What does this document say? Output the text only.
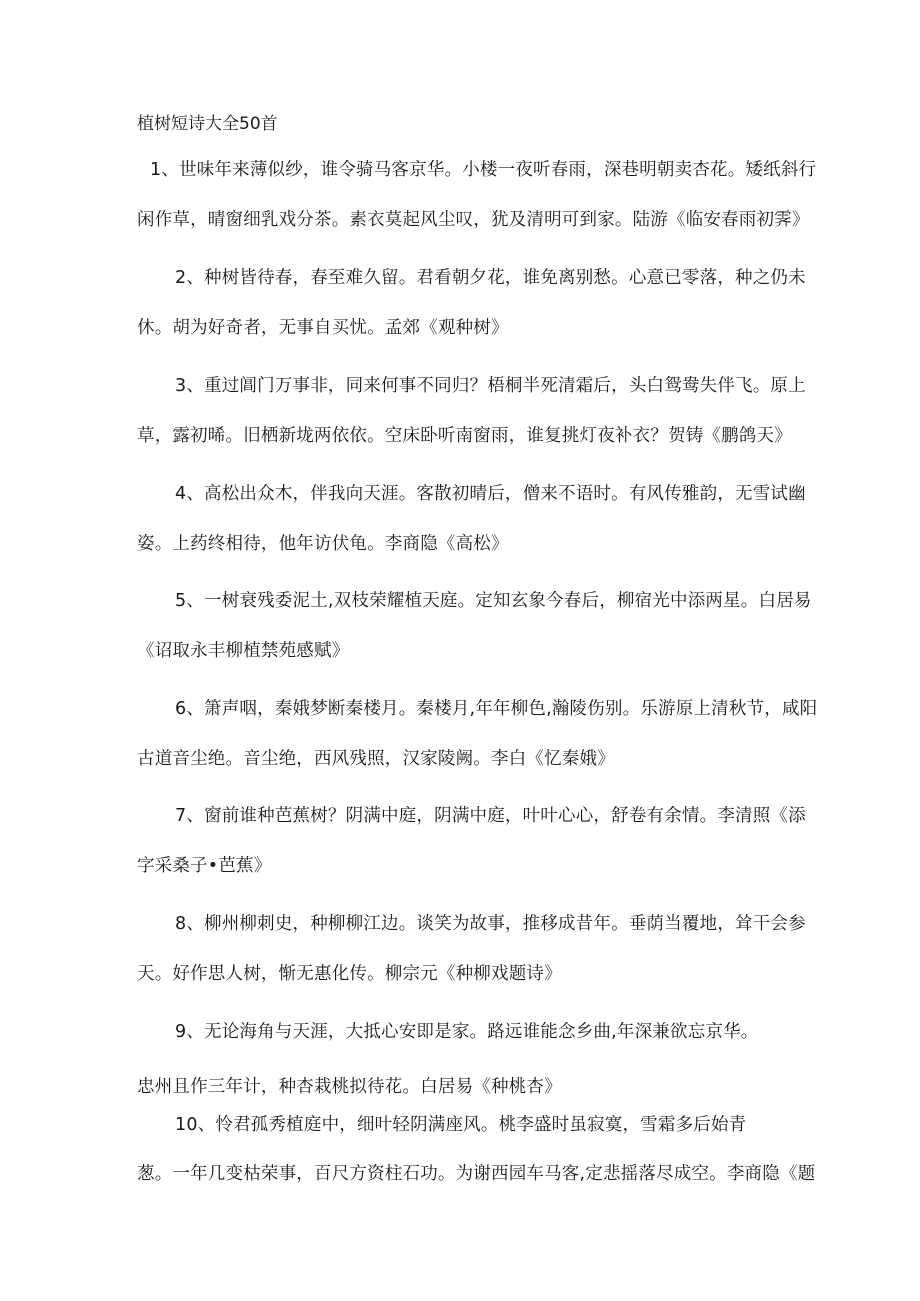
植树短诗大全50首
1、世味年来薄似纱，谁令骑马客京华。小楼一夜听春雨，深巷明朝卖杏花。矮纸斜行
闲作草，晴窗细乳戏分茶。素衣莫起风尘叹，犹及清明可到家。陆游《临安春雨初霁》
2、种树皆待春，春至难久留。君看朝夕花，谁免离别愁。心意已零落，种之仍未
休。胡为好奇者，无事自买忧。孟郊《观种树》
3、重过阊门万事非，同来何事不同归？梧桐半死清霜后，头白鸳鸯失伴飞。原上
草，露初晞。旧栖新垅两依依。空床卧听南窗雨，谁复挑灯夜补衣？贺铸《鹏鸽天》
4、高松出众木，伴我向天涯。客散初晴后，僧来不语时。有风传雅韵，无雪试幽
姿。上药终相待，他年访伏龟。李商隐《高松》
5、一树衰残委泥土,双枝荣耀植天庭。定知玄象今春后，柳宿光中添两星。白居易
《诏取永丰柳植禁苑感赋》
6、箫声咽，秦娥梦断秦楼月。秦楼月,年年柳色,瀚陵伤别。乐游原上清秋节，咸阳
古道音尘绝。音尘绝，西风残照，汉家陵阙。李白《忆秦娥》
7、窗前谁种芭蕉树？阴满中庭，阴满中庭，叶叶心心，舒卷有余情。李清照《添
字采桑子•芭蕉》
8、柳州柳刺史，种柳柳江边。谈笑为故事，推移成昔年。垂荫当覆地，耸干会参
天。好作思人树，惭无惠化传。柳宗元《种柳戏题诗》
9、无论海角与天涯，大抵心安即是家。路远谁能念乡曲,年深兼欲忘京华。
忠州且作三年计，种杏栽桃拟待花。白居易《种桃杏》
10、怜君孤秀植庭中，细叶轻阴满座风。桃李盛时虽寂寞，雪霜多后始青
葱。一年几变枯荣事，百尺方资柱石功。为谢西园车马客,定悲摇落尽成空。李商隐《题
